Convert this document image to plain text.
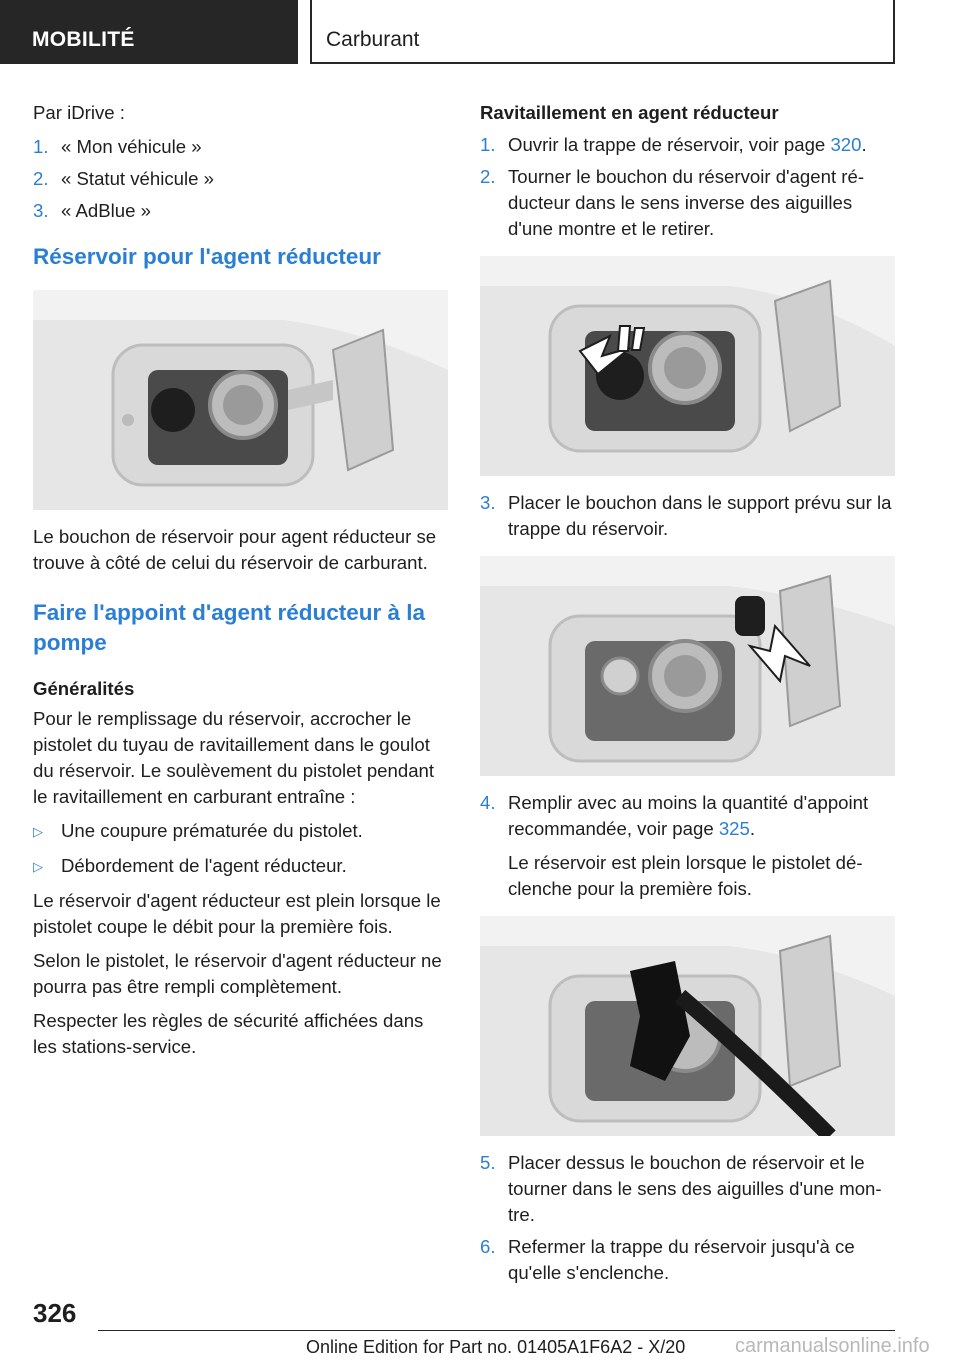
MOBILITÉ	Carburant

Par iDrive :

1. « Mon véhicule »
2. « Statut véhicule »
3. « AdBlue »
Réservoir pour l'agent réducteur

Le bouchon de réservoir pour agent réducteur se trouve à côté de celui du réservoir de carburant.

Faire l'appoint d'agent réducteur à la pompe
Généralités

Pour le remplissage du réservoir, accrocher le pistolet du tuyau de ravitaillement dans le goulot du réservoir. Le soulèvement du pistolet pendant le ravitaillement en carburant entraîne :

▷ Une coupure prématurée du pistolet.
▷ Débordement de l'agent réducteur.

Le réservoir d'agent réducteur est plein lorsque le pistolet coupe le débit pour la première fois.

Selon le pistolet, le réservoir d'agent réducteur ne pourra pas être rempli complètement.

Respecter les règles de sécurité affichées dans les stations-service.

Ravitaillement en agent réducteur
1. Ouvrir la trappe de réservoir, voir page 320.
2. Tourner le bouchon du réservoir d'agent réducteur dans le sens inverse des aiguilles d'une montre et le retirer.
3. Placer le bouchon dans le support prévu sur la trappe du réservoir.
4. Remplir avec au moins la quantité d'appoint recommandée, voir page 325.

Le réservoir est plein lorsque le pistolet déclenche pour la première fois.

5. Placer dessus le bouchon de réservoir et le tourner dans le sens des aiguilles d'une montre.
6. Refermer la trappe du réservoir jusqu'à ce qu'elle s'enclenche.
326
Online Edition for Part no. 01405A1F6A2 - X/20 carmanualsonline.info
